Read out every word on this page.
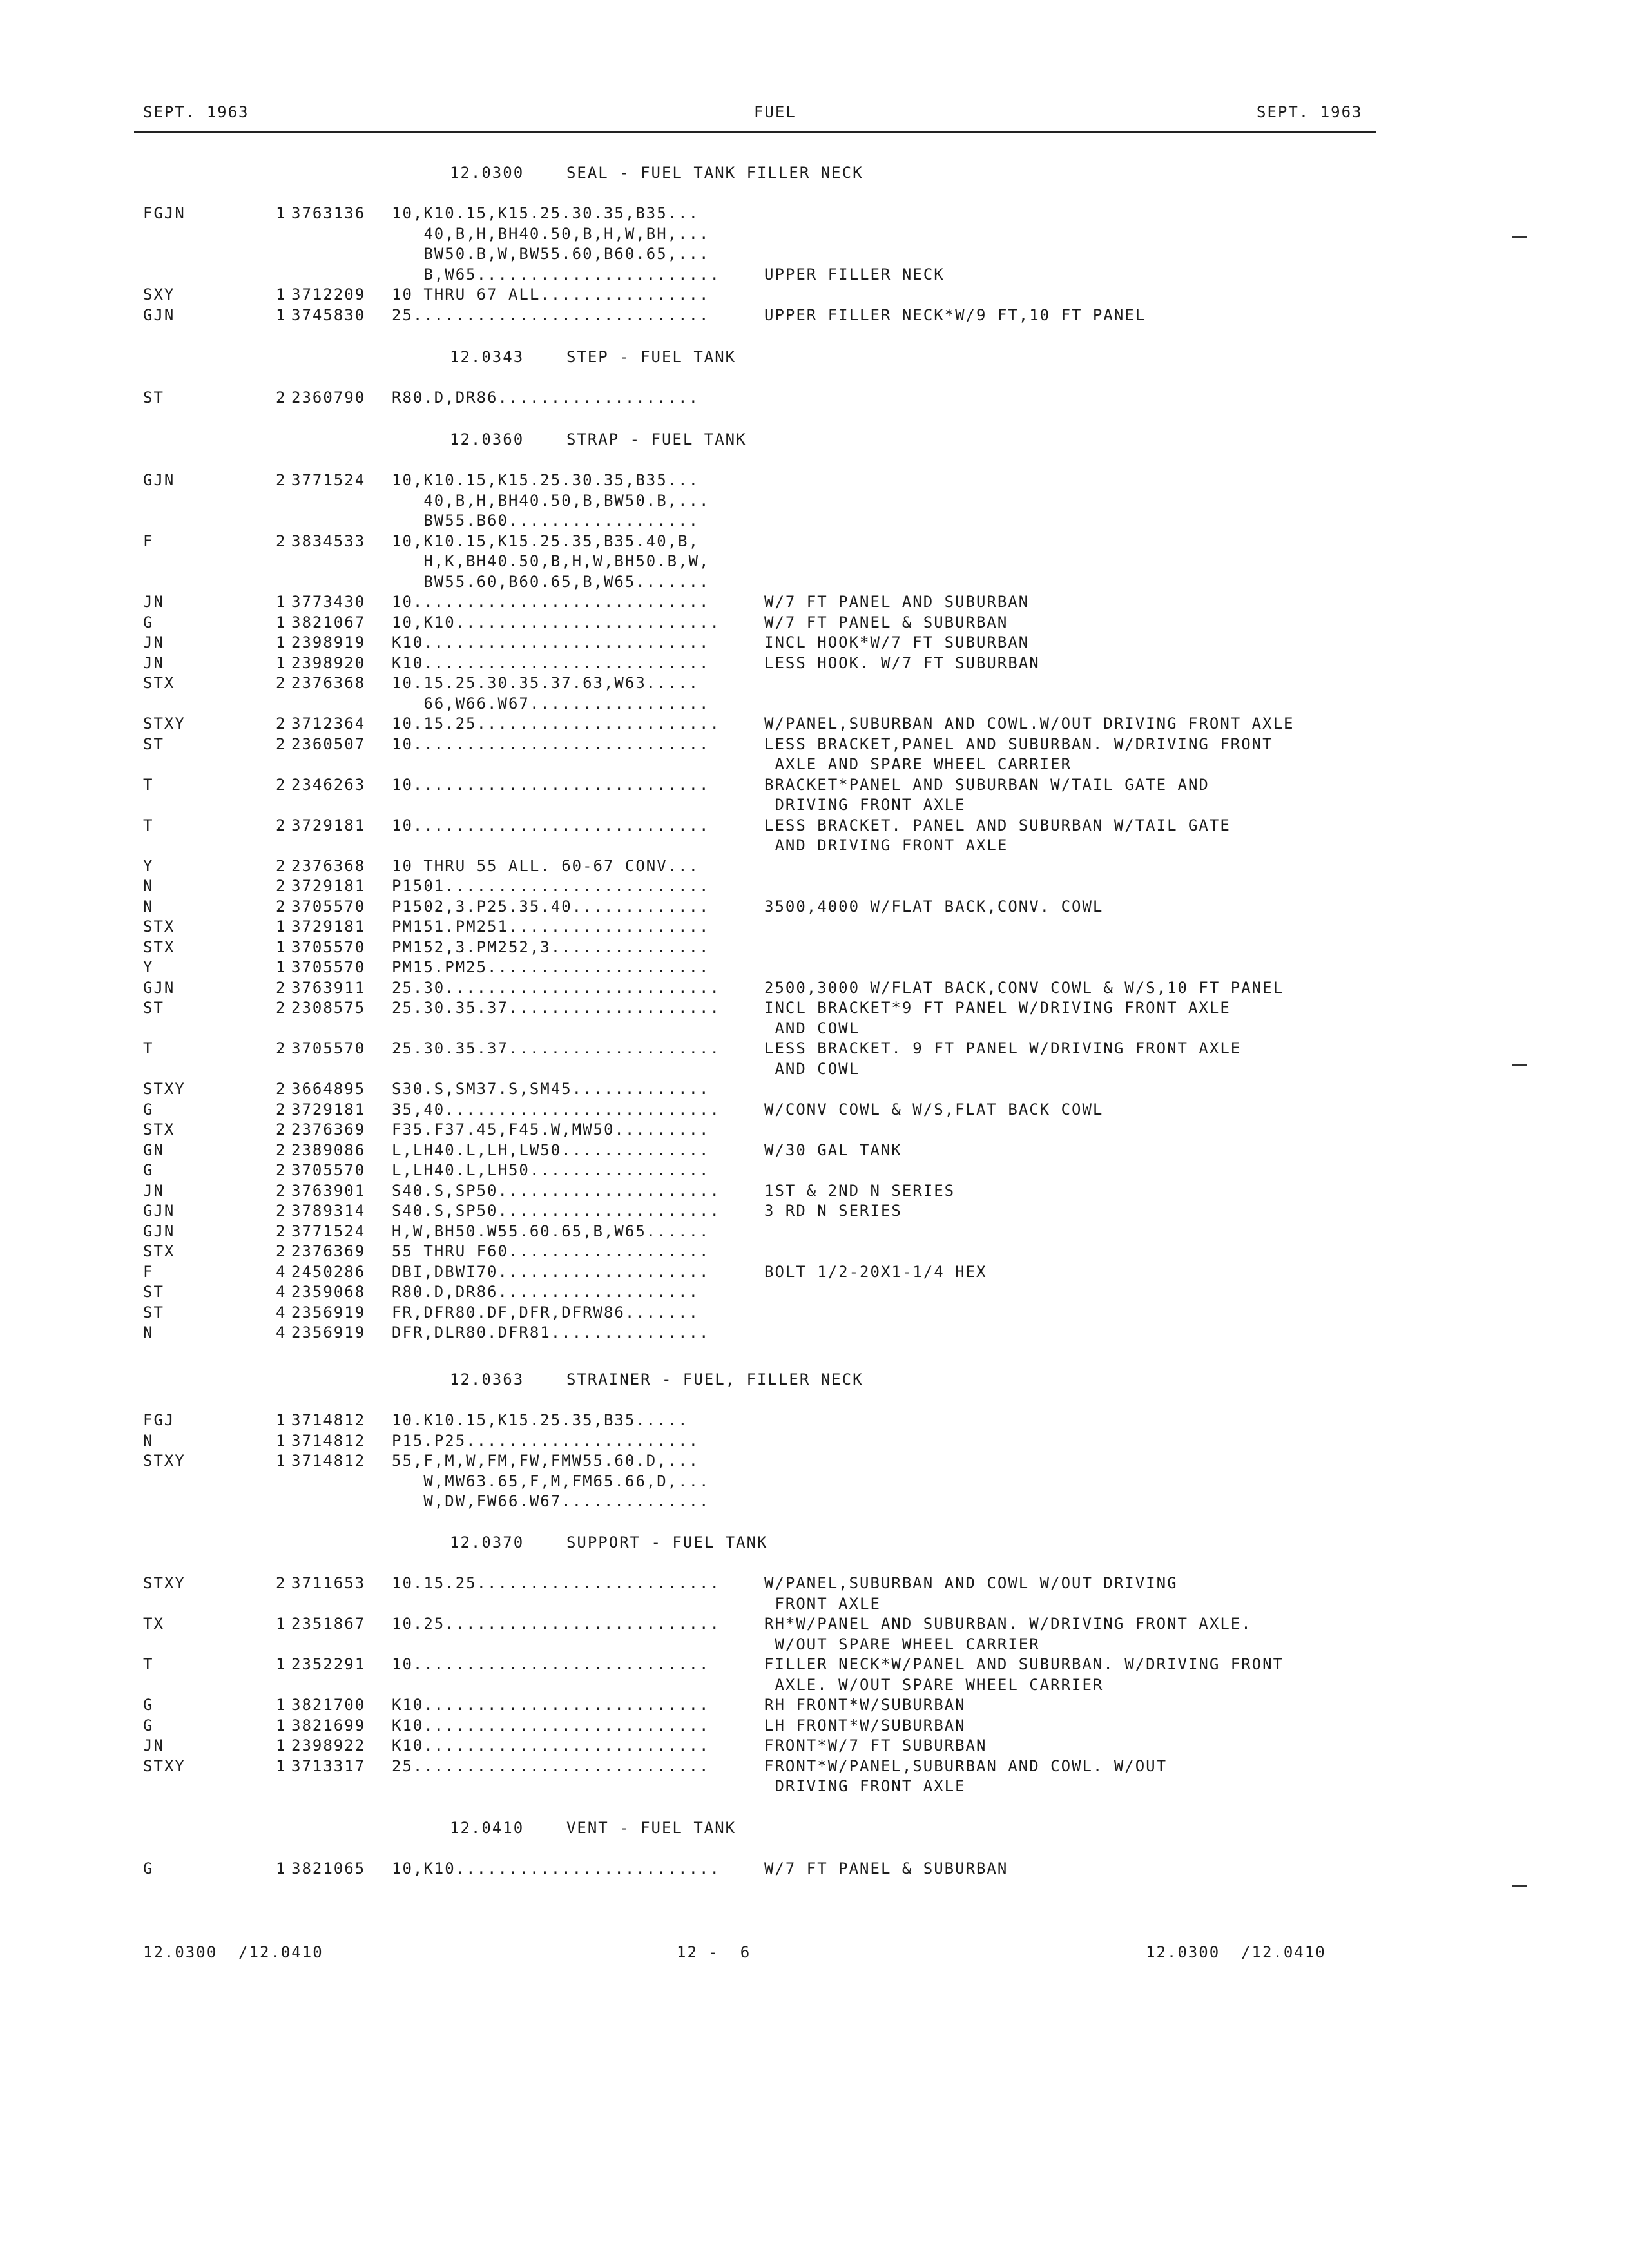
SEPT. 1963	FUEL	SEPT. 1963
12.0300    SEAL - FUEL TANK FILLER NECK
FGJN	1 3763136 10,K10.15,K15.25.30.35,B35...
40,B,H,BH40.50,B,H,W,BH,...
BW50.B,W,BW55.60,B60.65,...
B,W65.......................	UPPER FILLER NECK
SXY	1 3712209 10 THRU 67 ALL................
GJN	1 3745830 25............................	UPPER FILLER NECK*W/9 FT,10 FT PANEL
12.0343    STEP - FUEL TANK
ST	2 2360790 R80.D,DR86...................
12.0360    STRAP - FUEL TANK
GJN	2 3771524 10,K10.15,K15.25.30.35,B35...
40,B,H,BH40.50,B,BW50.B,...
BW55.B60..................
F	2 3834533 10,K10.15,K15.25.35,B35.40,B,
H,K,BH40.50,B,H,W,BH50.B,W,
BW55.60,B60.65,B,W65.......
JN	1 3773430 10............................	W/7 FT PANEL AND SUBURBAN
G	1 3821067 10,K10.........................	W/7 FT PANEL & SUBURBAN
JN	1 2398919 K10...........................	INCL HOOK*W/7 FT SUBURBAN
JN	1 2398920 K10...........................	LESS HOOK. W/7 FT SUBURBAN
STX	2 2376368 10.15.25.30.35.37.63,W63.....
66,W66.W67.................
STXY	2 3712364 10.15.25.......................	W/PANEL,SUBURBAN AND COWL.W/OUT DRIVING FRONT AXLE
ST	2 2360507 10............................	LESS BRACKET,PANEL AND SUBURBAN. W/DRIVING FRONT
AXLE AND SPARE WHEEL CARRIER
T	2 2346263 10............................	BRACKET*PANEL AND SUBURBAN W/TAIL GATE AND
DRIVING FRONT AXLE
T	2 3729181 10............................	LESS BRACKET. PANEL AND SUBURBAN W/TAIL GATE
AND DRIVING FRONT AXLE
Y	2 2376368 10 THRU 55 ALL. 60-67 CONV...
N	2 3729181 P1501.........................
N	2 3705570 P1502,3.P25.35.40.............	3500,4000 W/FLAT BACK,CONV. COWL
STX	1 3729181 PM151.PM251...................
STX	1 3705570 PM152,3.PM252,3...............
Y	1 3705570 PM15.PM25.....................
GJN	2 3763911 25.30..........................	2500,3000 W/FLAT BACK,CONV COWL & W/S,10 FT PANEL
ST	2 2308575 25.30.35.37....................	INCL BRACKET*9 FT PANEL W/DRIVING FRONT AXLE
AND COWL
T	2 3705570 25.30.35.37....................	LESS BRACKET. 9 FT PANEL W/DRIVING FRONT AXLE
AND COWL
STXY	2 3664895 S30.S,SM37.S,SM45.............
G	2 3729181 35,40..........................	W/CONV COWL & W/S,FLAT BACK COWL
STX	2 2376369 F35.F37.45,F45.W,MW50.........
GN	2 2389086 L,LH40.L,LH,LW50..............	W/30 GAL TANK
G	2 3705570 L,LH40.L,LH50.................
JN	2 3763901 S40.S,SP50.....................	1ST & 2ND N SERIES
GJN	2 3789314 S40.S,SP50.....................	3 RD N SERIES
GJN	2 3771524 H,W,BH50.W55.60.65,B,W65......
STX	2 2376369 55 THRU F60...................
F	4 2450286 DBI,DBWI70....................	BOLT 1/2-20X1-1/4 HEX
ST	4 2359068 R80.D,DR86...................
ST	4 2356919 FR,DFR80.DF,DFR,DFRW86.......
N	4 2356919 DFR,DLR80.DFR81...............
12.0363    STRAINER - FUEL, FILLER NECK
FGJ	1 3714812 10.K10.15,K15.25.35,B35.....
N	1 3714812 P15.P25......................
STXY	1 3714812 55,F,M,W,FM,FW,FMW55.60.D,...
W,MW63.65,F,M,FM65.66,D,...
W,DW,FW66.W67..............
12.0370    SUPPORT - FUEL TANK
STXY	2 3711653 10.15.25.......................	W/PANEL,SUBURBAN AND COWL W/OUT DRIVING
FRONT AXLE
TX	1 2351867 10.25..........................	RH*W/PANEL AND SUBURBAN. W/DRIVING FRONT AXLE.
W/OUT SPARE WHEEL CARRIER
T	1 2352291 10............................	FILLER NECK*W/PANEL AND SUBURBAN. W/DRIVING FRONT
AXLE. W/OUT SPARE WHEEL CARRIER
G	1 3821700 K10...........................	RH FRONT*W/SUBURBAN
G	1 3821699 K10...........................	LH FRONT*W/SUBURBAN
JN	1 2398922 K10...........................	FRONT*W/7 FT SUBURBAN
STXY	1 3713317 25............................	FRONT*W/PANEL,SUBURBAN AND COWL. W/OUT
DRIVING FRONT AXLE
12.0410    VENT - FUEL TANK
G	1 3821065 10,K10.........................	W/7 FT PANEL & SUBURBAN
12.0300  /12.0410	12 -  6	12.0300  /12.0410
